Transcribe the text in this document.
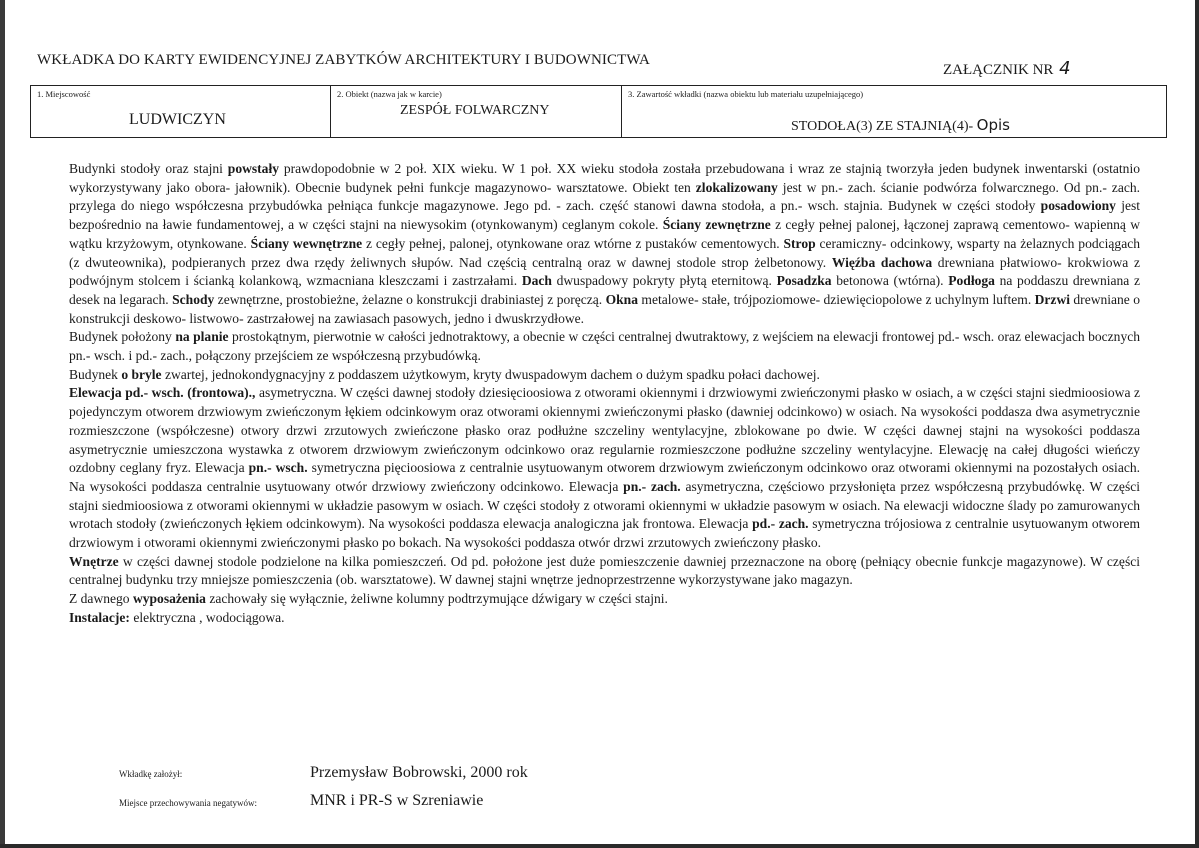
WKŁADKA DO KARTY EWIDENCYJNEJ ZABYTKÓW ARCHITEKTURY I BUDOWNICTWA
ZAŁĄCZNIK NR 4
1. Miejscowość
LUDWICZYN
2. Obiekt (nazwa jak w karcie)
ZESPÓŁ FOLWARCZNY
3. Zawartość wkładki (nazwa obiektu lub materiału uzupełniającego)
STODOŁA(3) ZE STAJNIĄ(4)- Opis

Budynki stodoły oraz stajni powstały prawdopodobnie w 2 poł. XIX wieku. W 1 poł. XX wieku stodoła została przebudowana i wraz ze stajnią tworzyła jeden budynek inwentarski (ostatnio wykorzystywany jako obora- jałownik). Obecnie budynek pełni funkcje magazynowo- warsztatowe. Obiekt ten zlokalizowany jest w pn.- zach. ścianie podwórza folwarcznego. Od pn.- zach. przylega do niego współczesna przybudówka pełniąca funkcje magazynowe. Jego pd. - zach. część stanowi dawna stodoła, a pn.- wsch. stajnia. Budynek w części stodoły posadowiony jest bezpośrednio na ławie fundamentowej, a w części stajni na niewysokim (otynkowanym) ceglanym cokole. Ściany zewnętrzne z cegły pełnej palonej, łączonej zaprawą cementowo- wapienną w wątku krzyżowym, otynkowane. Ściany wewnętrzne z cegły pełnej, palonej, otynkowane oraz wtórne z pustaków cementowych. Strop ceramiczny- odcinkowy, wsparty na żelaznych podciągach (z dwuteownika), podpieranych przez dwa rzędy żeliwnych słupów. Nad częścią centralną oraz w dawnej stodole strop żelbetonowy. Więźba dachowa drewniana płatwiowo- krokwiowa z podwójnym stolcem i ścianką kolankową, wzmacniana kleszczami i zastrzałami. Dach dwuspadowy pokryty płytą eternitową. Posadzka betonowa (wtórna). Podłoga na poddaszu drewniana z desek na legarach. Schody zewnętrzne, prostobieżne, żelazne o konstrukcji drabiniastej z poręczą. Okna metalowe- stałe, trójpoziomowe- dziewięciopolowe z uchylnym luftem. Drzwi drewniane o konstrukcji deskowo- listwowo- zastrzałowej na zawiasach pasowych, jedno i dwuskrzydłowe.

Budynek położony na planie prostokątnym, pierwotnie w całości jednotraktowy, a obecnie w części centralnej dwutraktowy, z wejściem na elewacji frontowej pd.- wsch. oraz elewacjach bocznych pn.- wsch. i pd.- zach., połączony przejściem ze współczesną przybudówką.

Budynek o bryle zwartej, jednokondygnacyjny z poddaszem użytkowym, kryty dwuspadowym dachem o dużym spadku połaci dachowej.

Elewacja pd.- wsch. (frontowa)., asymetryczna. W części dawnej stodoły dziesięcioosiowa z otworami okiennymi i drzwiowymi zwieńczonymi płasko w osiach, a w części stajni siedmioosiowa z pojedynczym otworem drzwiowym zwieńczonym łękiem odcinkowym oraz otworami okiennymi zwieńczonymi płasko (dawniej odcinkowo) w osiach. Na wysokości poddasza dwa asymetrycznie rozmieszczone (współczesne) otwory drzwi zrzutowych zwieńczone płasko oraz podłużne szczeliny wentylacyjne, zblokowane po dwie. W części dawnej stajni na wysokości poddasza asymetrycznie umieszczona wystawka z otworem drzwiowym zwieńczonym odcinkowo oraz regularnie rozmieszczone podłużne szczeliny wentylacyjne. Elewację na całej długości wieńczy ozdobny ceglany fryz. Elewacja pn.- wsch. symetryczna pięcioosiowa z centralnie usytuowanym otworem drzwiowym zwieńczonym odcinkowo oraz otworami okiennymi na pozostałych osiach. Na wysokości poddasza centralnie usytuowany otwór drzwiowy zwieńczony odcinkowo. Elewacja pn.- zach. asymetryczna, częściowo przysłonięta przez współczesną przybudówkę. W części stajni siedmioosiowa z otworami okiennymi w układzie pasowym w osiach. W części stodoły z otworami okiennymi w układzie pasowym w osiach. Na elewacji widoczne ślady po zamurowanych wrotach stodoły (zwieńczonych łękiem odcinkowym). Na wysokości poddasza elewacja analogiczna jak frontowa. Elewacja pd.- zach. symetryczna trójosiowa z centralnie usytuowanym otworem drzwiowym i otworami okiennymi zwieńczonymi płasko po bokach. Na wysokości poddasza otwór drzwi zrzutowych zwieńczony płasko.

Wnętrze w części dawnej stodole podzielone na kilka pomieszczeń. Od pd. położone jest duże pomieszczenie dawniej przeznaczone na oborę (pełniący obecnie funkcje magazynowe). W części centralnej budynku trzy mniejsze pomieszczenia (ob. warsztatowe). W dawnej stajni wnętrze jednoprzestrzenne wykorzystywane jako magazyn.

Z dawnego wyposażenia zachowały się wyłącznie, żeliwne kolumny podtrzymujące dźwigary w części stajni.

Instalacje: elektryczna , wodociągowa.

Wkładkę założył:	Przemysław Bobrowski, 2000 rok
Miejsce przechowywania negatywów:	MNR i PR-S w Szreniawie
